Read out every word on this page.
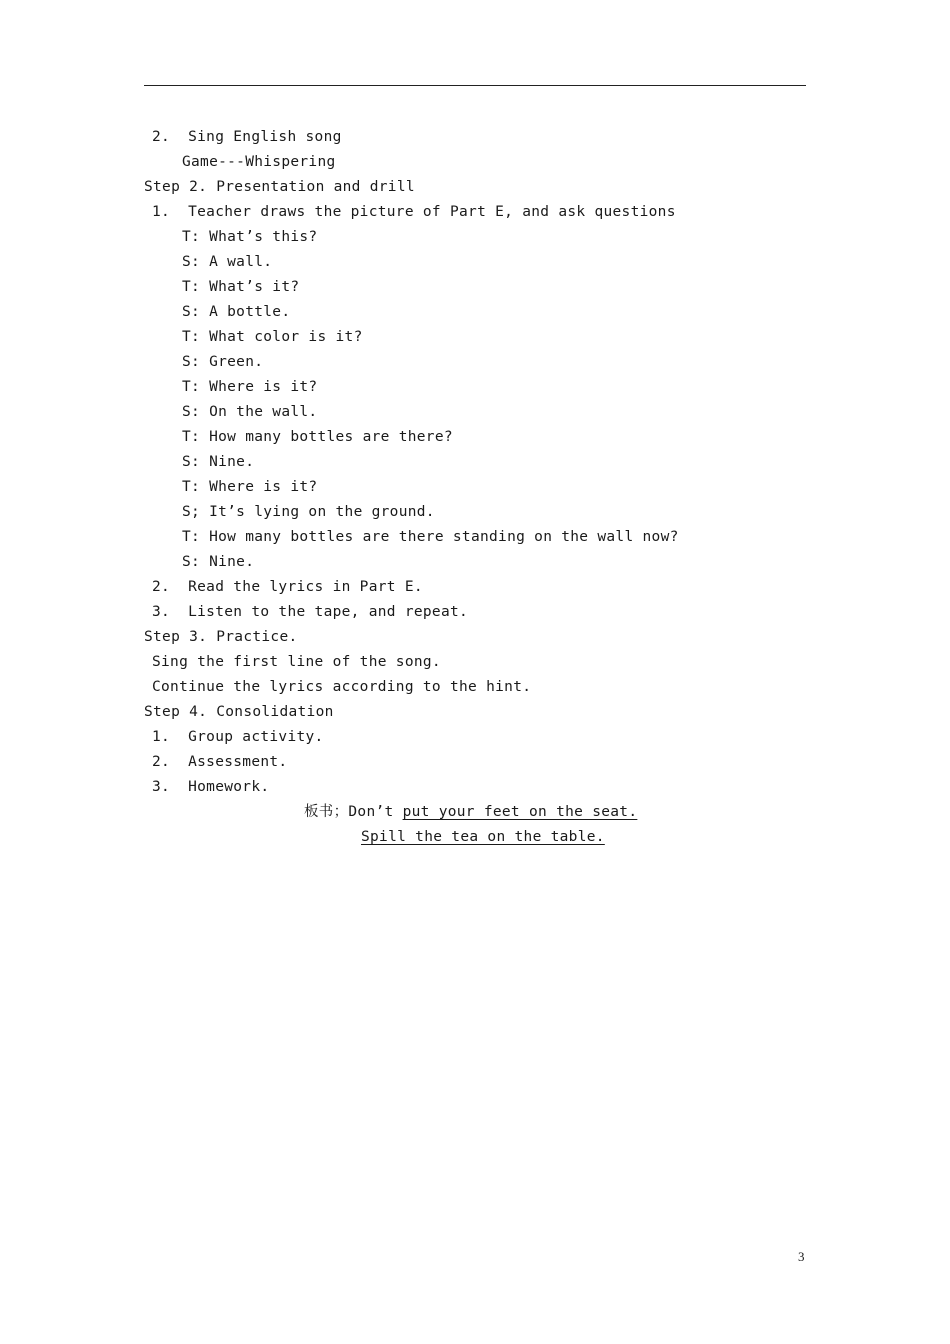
2.  Sing English song
Game---Whispering
Step 2. Presentation and drill
1.  Teacher draws the picture of Part E, and ask questions
T: What’s this?
S: A wall.
T: What’s it?
S: A bottle.
T: What color is it?
S: Green.
T: Where is it?
S: On the wall.
T: How many bottles are there?
S: Nine.
T: Where is it?
S; It’s lying on the ground.
T: How many bottles are there standing on the wall now?
S: Nine.
2.  Read the lyrics in Part E.
3.  Listen to the tape, and repeat.
Step 3. Practice.
Sing the first line of the song.
Continue the lyrics according to the hint.
Step 4. Consolidation
1.  Group activity.
2.  Assessment.
3.  Homework.
板书；Don’t put your feet on the seat.
Spill the tea on the table.
3
